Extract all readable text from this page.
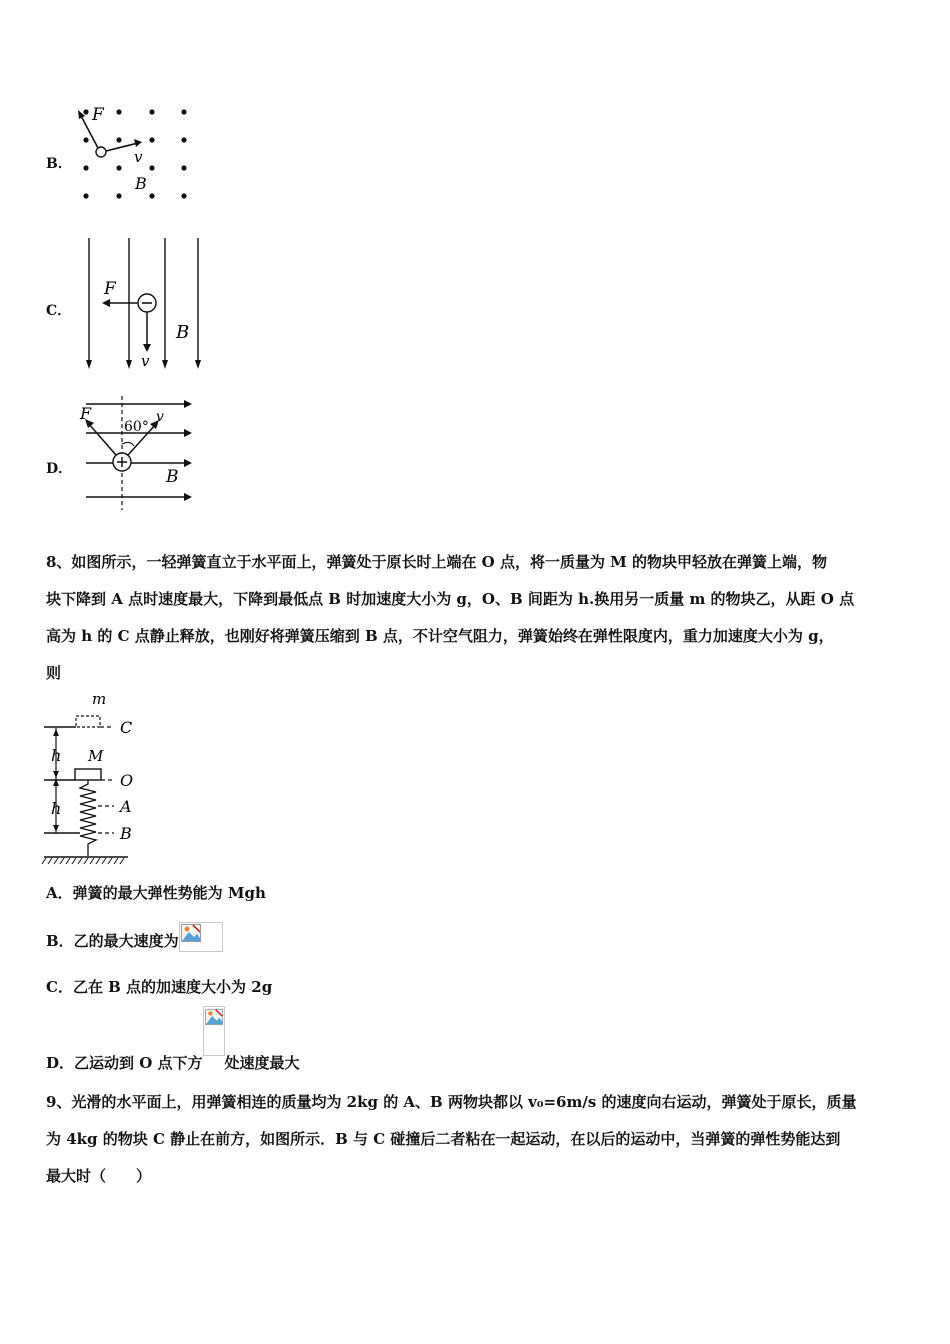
B．
F
v
B
C．
F
v
B
D．
F
60°
v
B

8、如图所示，一轻弹簧直立于水平面上，弹簧处于原长时上端在 O 点，将一质量为 M 的物块甲轻放在弹簧上端，物

块下降到 A 点时速度最大，下降到最低点 B 时加速度大小为 g，O、B 间距为 h.换用另一质量 m 的物块乙，从距 O 点

高为 h 的 C 点静止释放，也刚好将弹簧压缩到 B 点，不计空气阻力，弹簧始终在弹性限度内，重力加速度大小为 g，

则

m
C
h
h
M
O
A
B
A．弹簧的最大弹性势能为 Mgh
B．乙的最大速度为
C．乙在 B 点的加速度大小为 2g
D．乙运动到 O 点下方 处速度最大

9、光滑的水平面上，用弹簧相连的质量均为 2kg 的 A、B 两物块都以 v₀=6m/s 的速度向右运动，弹簧处于原长，质量

为 4kg 的物块 C 静止在前方，如图所示．B 与 C 碰撞后二者粘在一起运动，在以后的运动中，当弹簧的弹性势能达到

最大时（　　）
